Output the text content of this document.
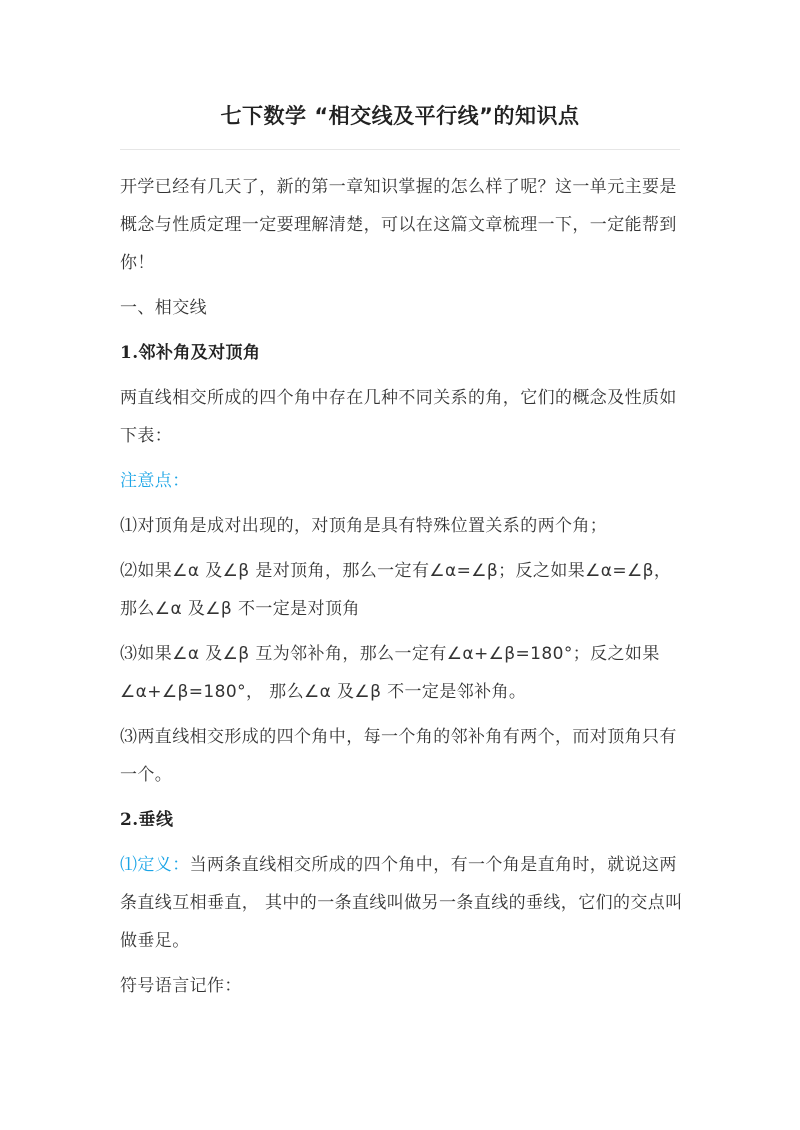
七下数学 “相交线及平行线”的知识点

开学已经有几天了，新的第一章知识掌握的怎么样了呢？这一单元主要是概念与性质定理一定要理解清楚，可以在这篇文章梳理一下，一定能帮到你！

一、相交线

1.邻补角及对顶角

两直线相交所成的四个角中存在几种不同关系的角，它们的概念及性质如下表：

注意点：

⑴对顶角是成对出现的，对顶角是具有特殊位置关系的两个角；

⑵如果∠α 及∠β 是对顶角，那么一定有∠α=∠β；反之如果∠α=∠β，那么∠α 及∠β 不一定是对顶角

⑶如果∠α 及∠β 互为邻补角，那么一定有∠α+∠β=180°；反之如果∠α+∠β=180°， 那么∠α 及∠β 不一定是邻补角。

⑶两直线相交形成的四个角中，每一个角的邻补角有两个，而对顶角只有一个。

2.垂线

⑴定义：当两条直线相交所成的四个角中，有一个角是直角时，就说这两条直线互相垂直， 其中的一条直线叫做另一条直线的垂线，它们的交点叫做垂足。

符号语言记作：
